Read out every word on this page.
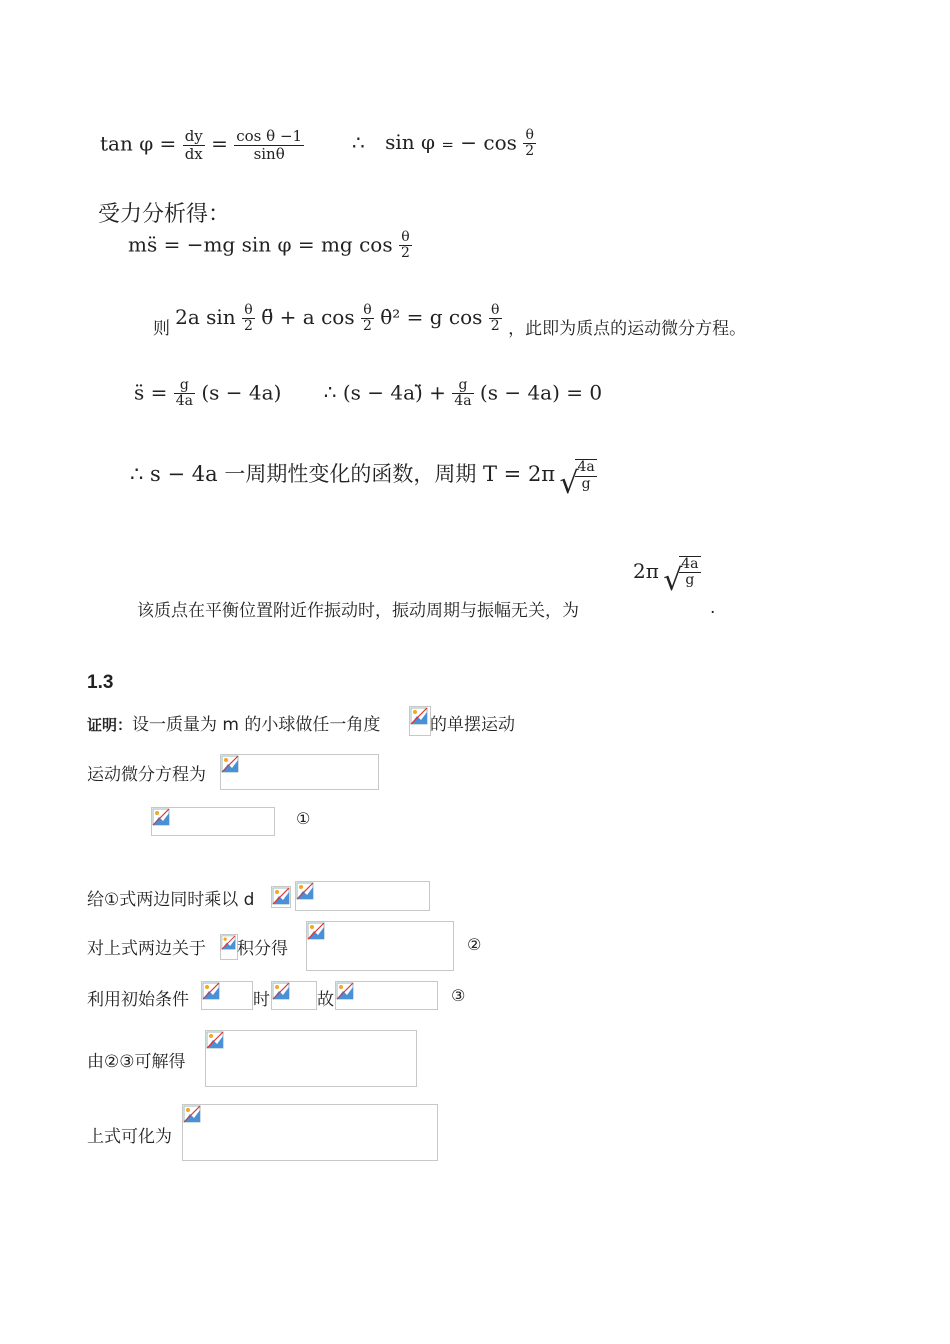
$\tan \varphi = \frac{dy}{dx} = \frac{\text{cos θ −1}}{\sin\theta}$ ∴ sin φ = − $\cos \frac{\theta}{2}$
受力分析得：
ms̈ = −mg sin φ = mg $\cos \frac{\theta}{2}$
则 2a $\sin \frac{\theta}{2}$ θ̈ + a $\cos \frac{\theta}{2}$ θ̇² = g $\cos \frac{\theta}{2}$ ，此即为质点的运动微分方程。
s̈ = $\frac{g}{4a} (s - 4a)$ ∴ (s − 4a)̈ + $\frac{g}{4a} (s - 4a) = 0$
∴ s − 4a 一周期性变化的函数，周期 T = 2π √ $\frac{4a}{g}$
该质点在平衡位置附近作振动时，振动周期与振幅无关，为
2π √ $\frac{4a}{g}$
.
1.3
证明：设一质量为 m 的小球做任一角度	的单摆运动
运动微分方程为
①
给①式两边同时乘以 d
对上式两边关于 积分得	②
利用初始条件	时	故	③
由②③可解得
上式可化为
